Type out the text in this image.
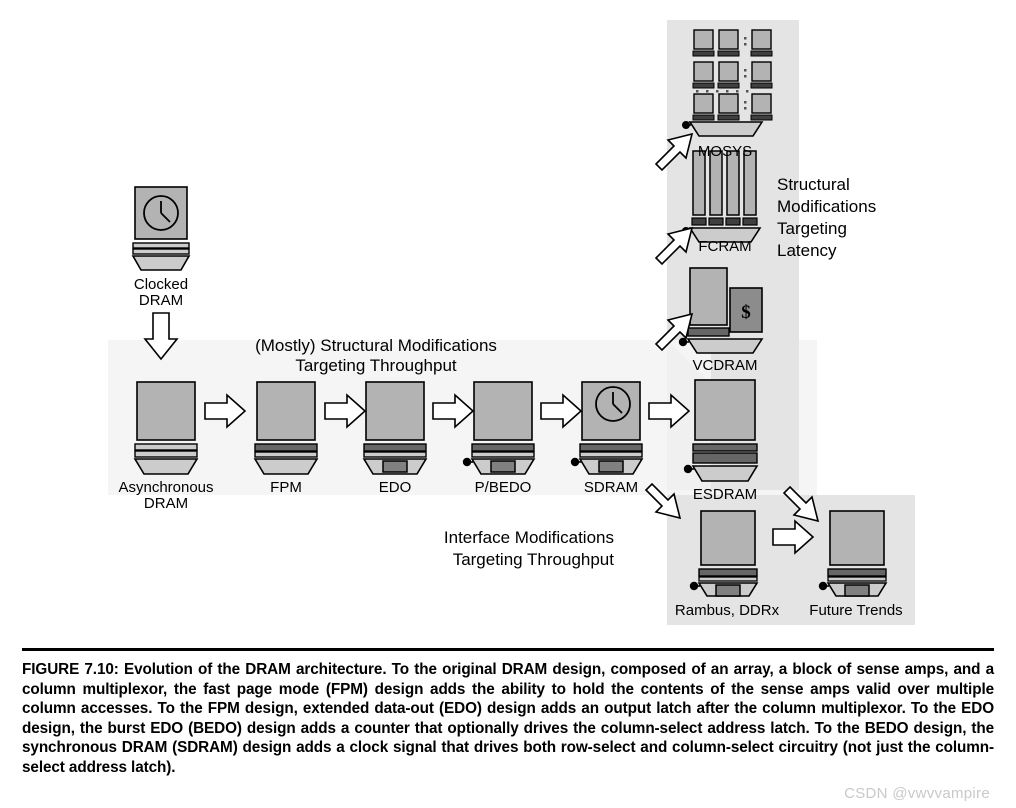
Clocked
DRAM
(Mostly) Structural Modifications
Targeting Throughput
Asynchronous
DRAM
FPM	EDO	P/BEDO	SDRAM	ESDRAM
$
VCDRAM
FCRAM
MOSYS
Structural
Modifications
Targeting
Latency
Interface Modifications
Targeting Throughput
Rambus, DDRx Future Trends

FIGURE 7.10: Evolution of the DRAM architecture. To the original DRAM design, composed of an array, a block of sense amps, and a column multiplexor, the fast page mode (FPM) design adds the ability to hold the contents of the sense amps valid over multiple column accesses. To the FPM design, extended data-out (EDO) design adds an output latch after the column multiplexor. To the EDO design, the burst EDO (BEDO) design adds a counter that optionally drives the column-select address latch. To the BEDO design, the synchronous DRAM (SDRAM) design adds a clock signal that drives both row-select and column-select circuitry (not just the column-select address latch).

CSDN @vwvvampire
